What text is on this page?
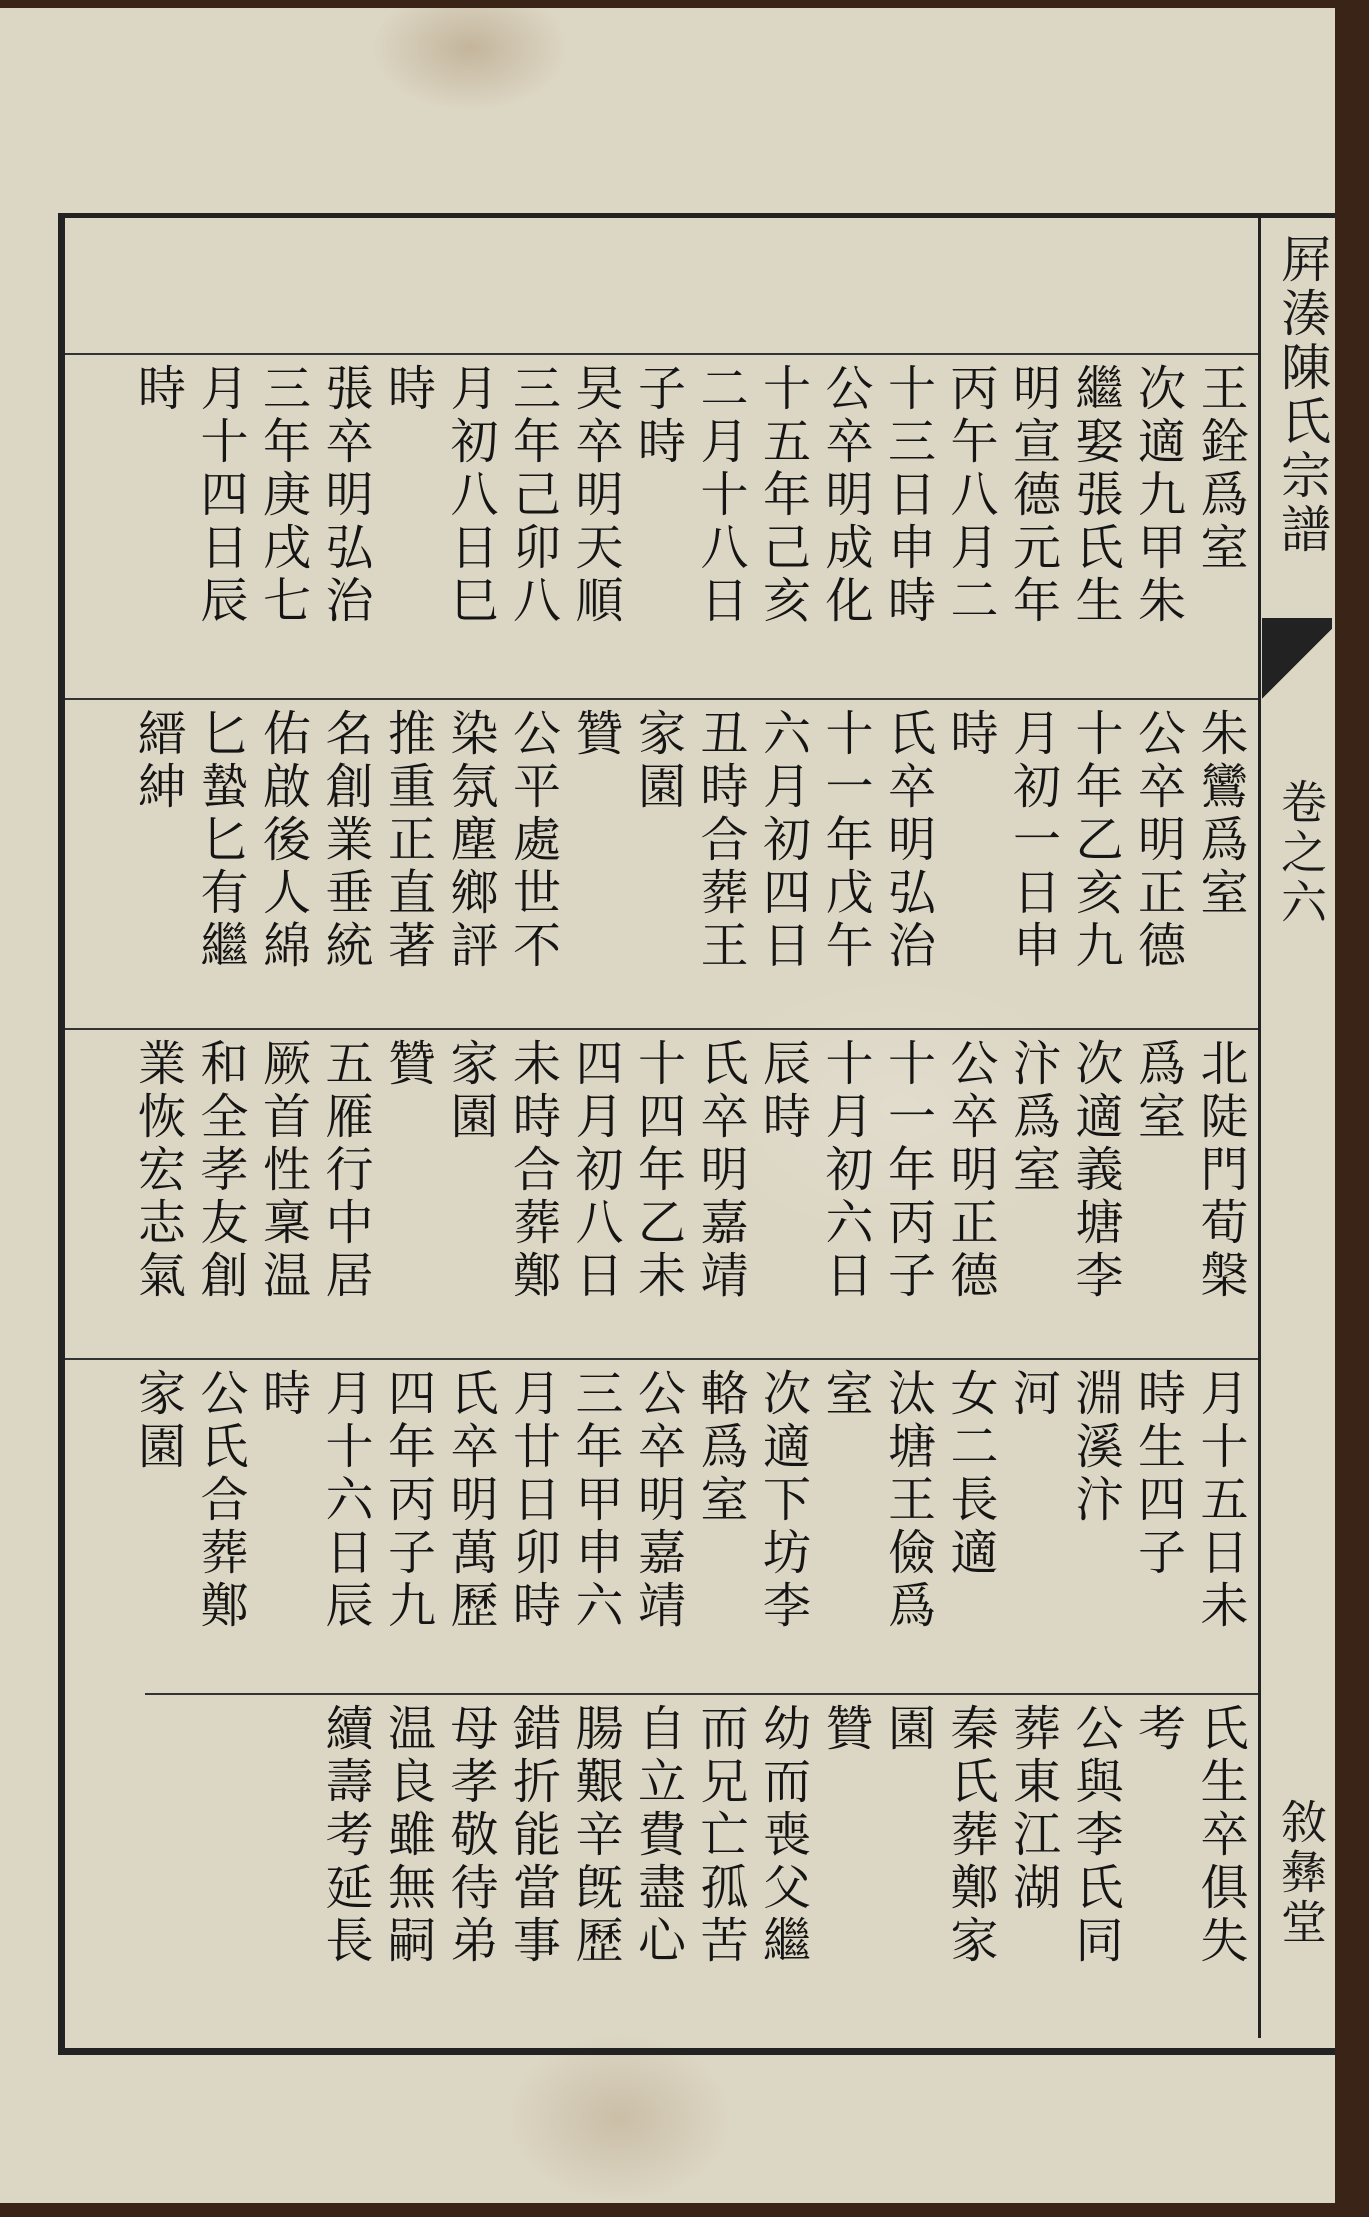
王銓爲室
次適九甲朱
繼娶張氏生
明宣德元年
丙午八月二
十三日申時
公卒明成化
十五年己亥
二月十八日
子時
旲卒明天順
三年己卯八
月初八日巳
時
張卒明弘治
三年庚戌七
月十四日辰
時
朱鸞爲室
公卒明正德
十年乙亥九
月初一日申
時
氏卒明弘治
十一年戊午
六月初四日
丑時合葬王
家園
贊
公平處世不
染氛塵鄉評
推重正直著
名創業垂統
佑啟後人綿
匕蟄匕有繼
縉紳
北陡門荀槃
爲室
次適義塘李
汴爲室
公卒明正德
十一年丙子
十月初六日
辰時
氏卒明嘉靖
十四年乙未
四月初八日
未時合葬鄭
家園
贊
五雁行中居
厥首性稟温
和全孝友創
業恢宏志氣
月十五日未
時生四子
淵溪汴
河
女二長適
汰塘王儉爲
室
次適下坊李
輅爲室
公卒明嘉靖
三年甲申六
月廿日卯時
氏卒明萬歷
四年丙子九
月十六日辰
時
公氏合葬鄭
家園
氏生卒俱失
考
公與李氏同
葬東江湖
秦氏葬鄭家
園
贊
幼而喪父繼
而兄亡孤苦
自立費盡心
腸艱辛旣歷
錯折能當事
母孝敬待弟
温良雖無嗣
續壽考延長
屛湊陳氏宗譜
卷之六
敘彝堂
